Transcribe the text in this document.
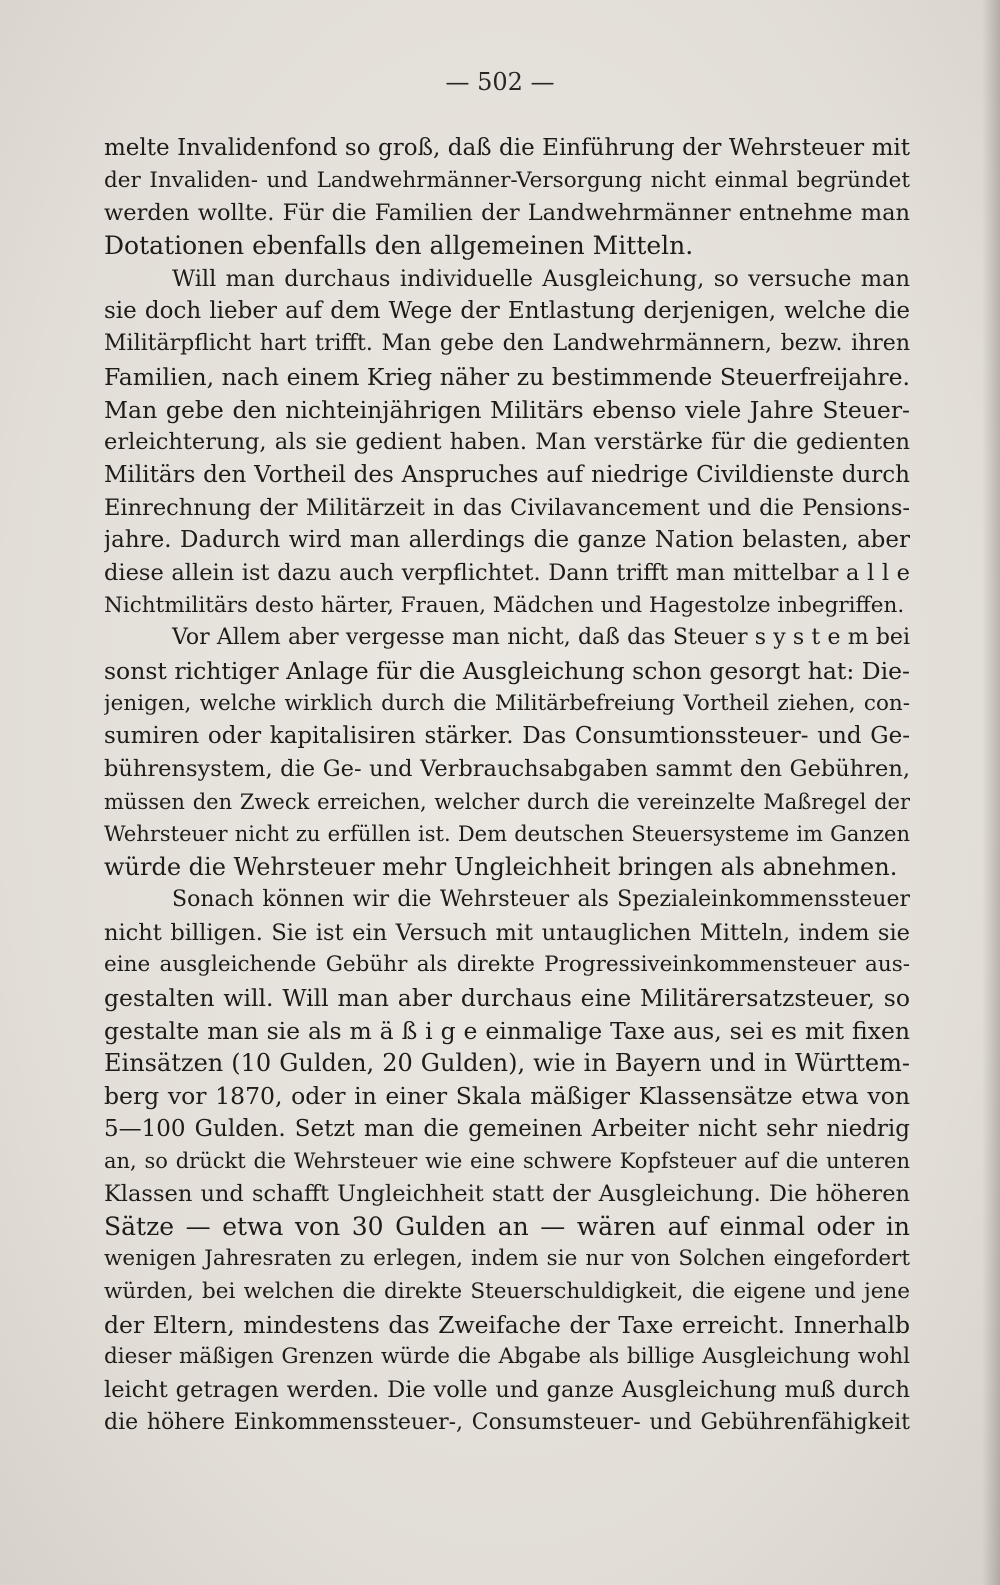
— 502 —
melte Invalidenfond so groß, daß die Einführung der Wehrsteuer mit
der Invaliden- und Landwehrmänner-Versorgung nicht einmal begründet
werden wollte. Für die Familien der Landwehrmänner entnehme man
Dotationen ebenfalls den allgemeinen Mitteln.
Will man durchaus individuelle Ausgleichung, so versuche man
sie doch lieber auf dem Wege der Entlastung derjenigen, welche die
Militärpflicht hart trifft. Man gebe den Landwehrmännern, bezw. ihren
Familien, nach einem Krieg näher zu bestimmende Steuerfreijahre.
Man gebe den nichteinjährigen Militärs ebenso viele Jahre Steuer-
erleichterung, als sie gedient haben. Man verstärke für die gedienten
Militärs den Vortheil des Anspruches auf niedrige Civildienste durch
Einrechnung der Militärzeit in das Civilavancement und die Pensions-
jahre. Dadurch wird man allerdings die ganze Nation belasten, aber
diese allein ist dazu auch verpflichtet. Dann trifft man mittelbar a l l e
Nichtmilitärs desto härter, Frauen, Mädchen und Hagestolze inbegriffen.
Vor Allem aber vergesse man nicht, daß das Steuer s y s t e m bei
sonst richtiger Anlage für die Ausgleichung schon gesorgt hat: Die-
jenigen, welche wirklich durch die Militärbefreiung Vortheil ziehen, con-
sumiren oder kapitalisiren stärker. Das Consumtionssteuer- und Ge-
bührensystem, die Ge- und Verbrauchsabgaben sammt den Gebühren,
müssen den Zweck erreichen, welcher durch die vereinzelte Maßregel der
Wehrsteuer nicht zu erfüllen ist. Dem deutschen Steuersysteme im Ganzen
würde die Wehrsteuer mehr Ungleichheit bringen als abnehmen.
Sonach können wir die Wehrsteuer als Spezialeinkommenssteuer
nicht billigen. Sie ist ein Versuch mit untauglichen Mitteln, indem sie
eine ausgleichende Gebühr als direkte Progressiveinkommensteuer aus-
gestalten will. Will man aber durchaus eine Militärersatzsteuer, so
gestalte man sie als m ä ß i g e einmalige Taxe aus, sei es mit fixen
Einsätzen (10 Gulden, 20 Gulden), wie in Bayern und in Württem-
berg vor 1870, oder in einer Skala mäßiger Klassensätze etwa von
5—100 Gulden. Setzt man die gemeinen Arbeiter nicht sehr niedrig
an, so drückt die Wehrsteuer wie eine schwere Kopfsteuer auf die unteren
Klassen und schafft Ungleichheit statt der Ausgleichung. Die höheren
Sätze — etwa von 30 Gulden an — wären auf einmal oder in
wenigen Jahresraten zu erlegen, indem sie nur von Solchen eingefordert
würden, bei welchen die direkte Steuerschuldigkeit, die eigene und jene
der Eltern, mindestens das Zweifache der Taxe erreicht. Innerhalb
dieser mäßigen Grenzen würde die Abgabe als billige Ausgleichung wohl
leicht getragen werden. Die volle und ganze Ausgleichung muß durch
die höhere Einkommenssteuer-, Consumsteuer- und Gebührenfähigkeit
